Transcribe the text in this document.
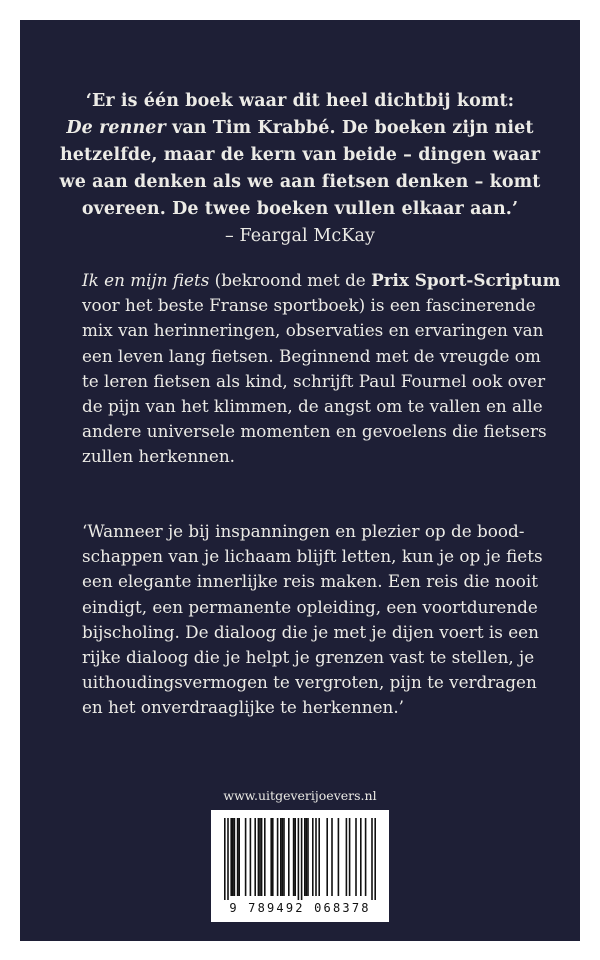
‘Er is één boek waar dit heel dichtbij komt:
De renner van Tim Krabbé. De boeken zijn niet
hetzelfde, maar de kern van beide – dingen waar
we aan denken als we aan fietsen denken – komt
overeen. De twee boeken vullen elkaar aan.’
– Feargal McKay
Ik en mijn fiets (bekroond met de Prix Sport-Scriptum
voor het beste Franse sportboek) is een fascinerende
mix van herinneringen, observaties en ervaringen van
een leven lang fietsen. Beginnend met de vreugde om
te leren fietsen als kind, schrijft Paul Fournel ook over
de pijn van het klimmen, de angst om te vallen en alle
andere universele momenten en gevoelens die fietsers
zullen herkennen.
‘Wanneer je bij inspanningen en plezier op de bood-
schappen van je lichaam blijft letten, kun je op je fiets
een elegante innerlijke reis maken. Een reis die nooit
eindigt, een permanente opleiding, een voortdurende
bijscholing. De dialoog die je met je dijen voert is een
rijke dialoog die je helpt je grenzen vast te stellen, je
uithoudingsvermogen te vergroten, pijn te verdragen
en het onverdraaglijke te herkennen.’
www.uitgeverijoevers.nl
9 789492 068378
